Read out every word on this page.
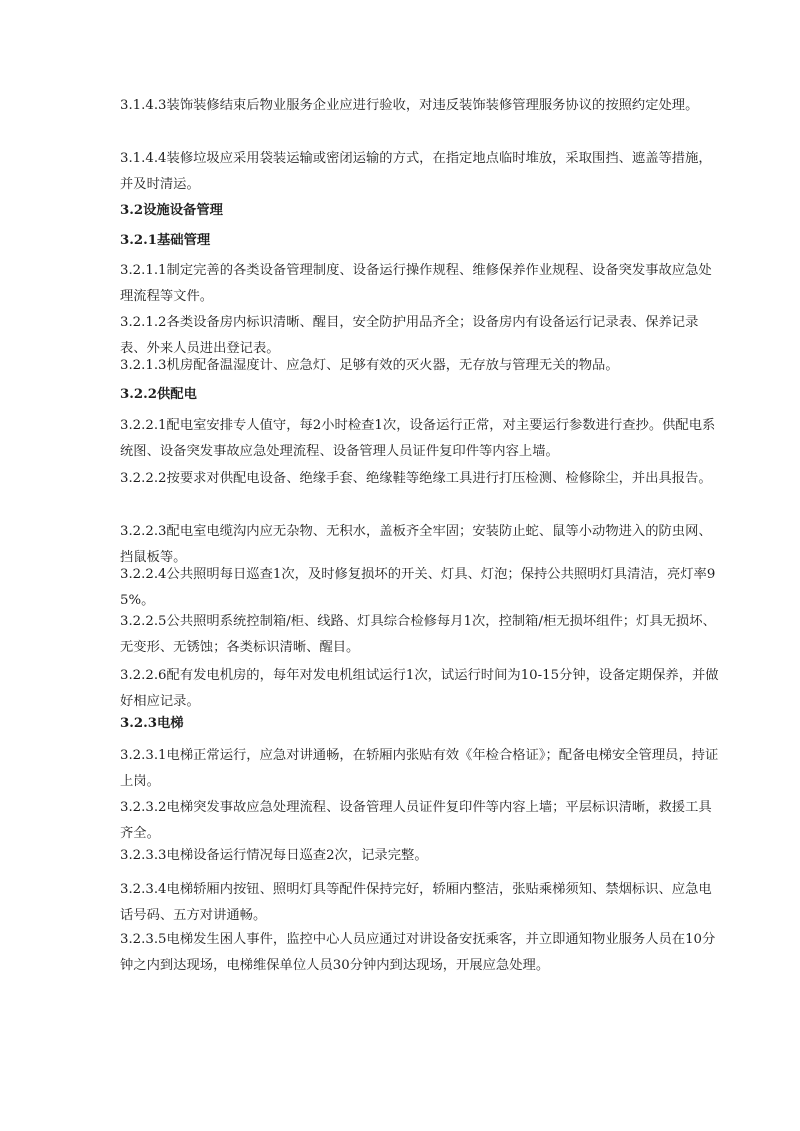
3.1.4.3装饰装修结束后物业服务企业应进行验收，对违反装饰装修管理服务协议的按照约定处理。
3.1.4.4装修垃圾应采用袋装运输或密闭运输的方式，在指定地点临时堆放，采取围挡、遮盖等措施，并及时清运。
3.2设施设备管理
3.2.1基础管理
3.2.1.1制定完善的各类设备管理制度、设备运行操作规程、维修保养作业规程、设备突发事故应急处理流程等文件。
3.2.1.2各类设备房内标识清晰、醒目，安全防护用品齐全；设备房内有设备运行记录表、保养记录表、外来人员进出登记表。
3.2.1.3机房配备温湿度计、应急灯、足够有效的灭火器，无存放与管理无关的物品。
3.2.2供配电
3.2.2.1配电室安排专人值守，每2小时检查1次，设备运行正常，对主要运行参数进行查抄。供配电系统图、设备突发事故应急处理流程、设备管理人员证件复印件等内容上墙。
3.2.2.2按要求对供配电设备、绝缘手套、绝缘鞋等绝缘工具进行打压检测、检修除尘，并出具报告。
3.2.2.3配电室电缆沟内应无杂物、无积水，盖板齐全牢固；安装防止蛇、鼠等小动物进入的防虫网、挡鼠板等。
3.2.2.4公共照明每日巡查1次，及时修复损坏的开关、灯具、灯泡；保持公共照明灯具清洁，亮灯率95%。
3.2.2.5公共照明系统控制箱/柜、线路、灯具综合检修每月1次，控制箱/柜无损坏组件；灯具无损坏、无变形、无锈蚀；各类标识清晰、醒目。
3.2.2.6配有发电机房的，每年对发电机组试运行1次，试运行时间为10-15分钟，设备定期保养，并做好相应记录。
3.2.3电梯
3.2.3.1电梯正常运行，应急对讲通畅，在轿厢内张贴有效《年检合格证》；配备电梯安全管理员，持证上岗。
3.2.3.2电梯突发事故应急处理流程、设备管理人员证件复印件等内容上墙；平层标识清晰，救援工具齐全。
3.2.3.3电梯设备运行情况每日巡查2次，记录完整。
3.2.3.4电梯轿厢内按钮、照明灯具等配件保持完好，轿厢内整洁，张贴乘梯须知、禁烟标识、应急电话号码、五方对讲通畅。
3.2.3.5电梯发生困人事件，监控中心人员应通过对讲设备安抚乘客，并立即通知物业服务人员在10分钟之内到达现场，电梯维保单位人员30分钟内到达现场，开展应急处理。
